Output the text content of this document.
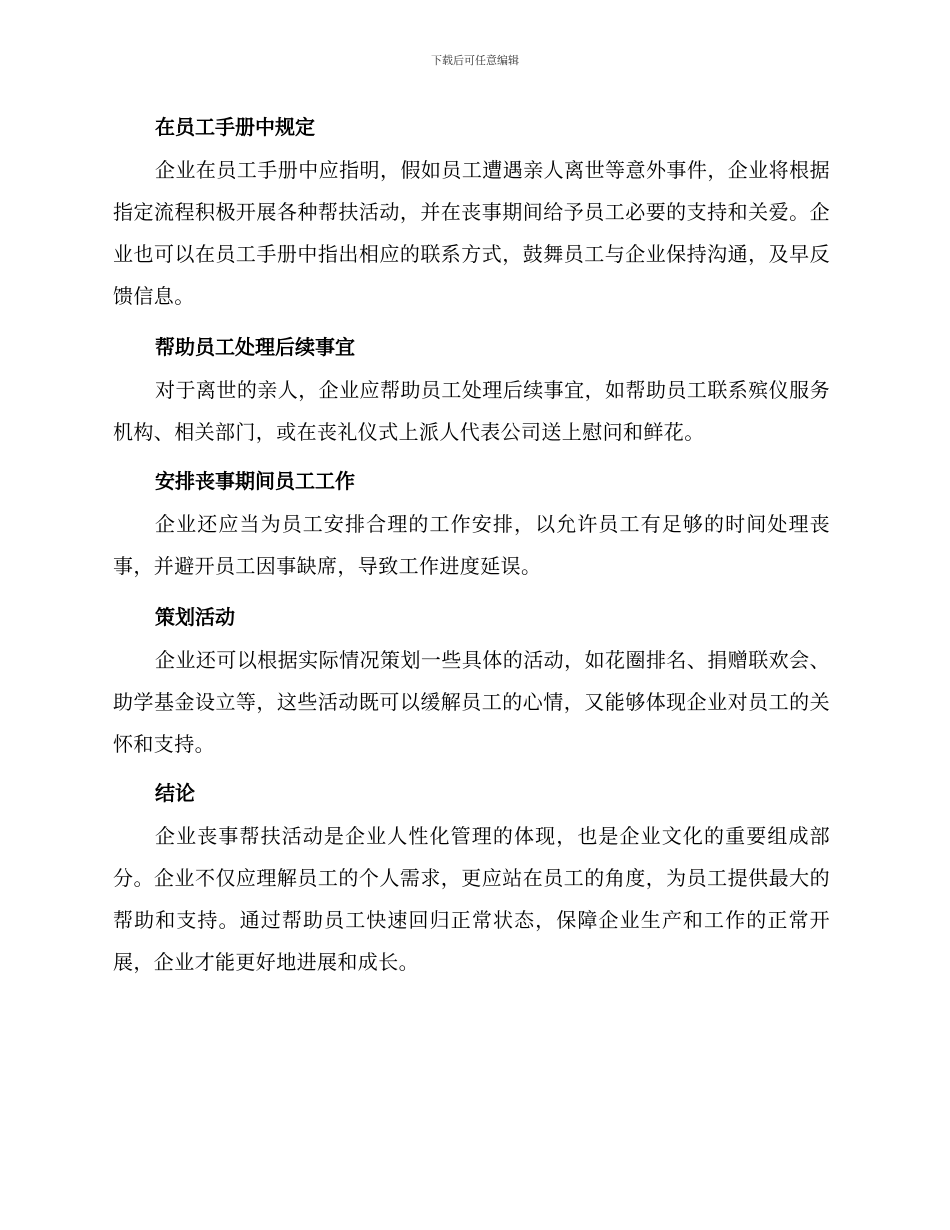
下载后可任意编辑
在员工手册中规定

企业在员工手册中应指明，假如员工遭遇亲人离世等意外事件，企业将根据指定流程积极开展各种帮扶活动，并在丧事期间给予员工必要的支持和关爱。企业也可以在员工手册中指出相应的联系方式，鼓舞员工与企业保持沟通，及早反馈信息。

帮助员工处理后续事宜

对于离世的亲人，企业应帮助员工处理后续事宜，如帮助员工联系殡仪服务机构、相关部门，或在丧礼仪式上派人代表公司送上慰问和鲜花。

安排丧事期间员工工作

企业还应当为员工安排合理的工作安排，以允许员工有足够的时间处理丧事，并避开员工因事缺席，导致工作进度延误。

策划活动

企业还可以根据实际情况策划一些具体的活动，如花圈排名、捐赠联欢会、助学基金设立等，这些活动既可以缓解员工的心情，又能够体现企业对员工的关怀和支持。

结论

企业丧事帮扶活动是企业人性化管理的体现，也是企业文化的重要组成部分。企业不仅应理解员工的个人需求，更应站在员工的角度，为员工提供最大的帮助和支持。通过帮助员工快速回归正常状态，保障企业生产和工作的正常开展，企业才能更好地进展和成长。
